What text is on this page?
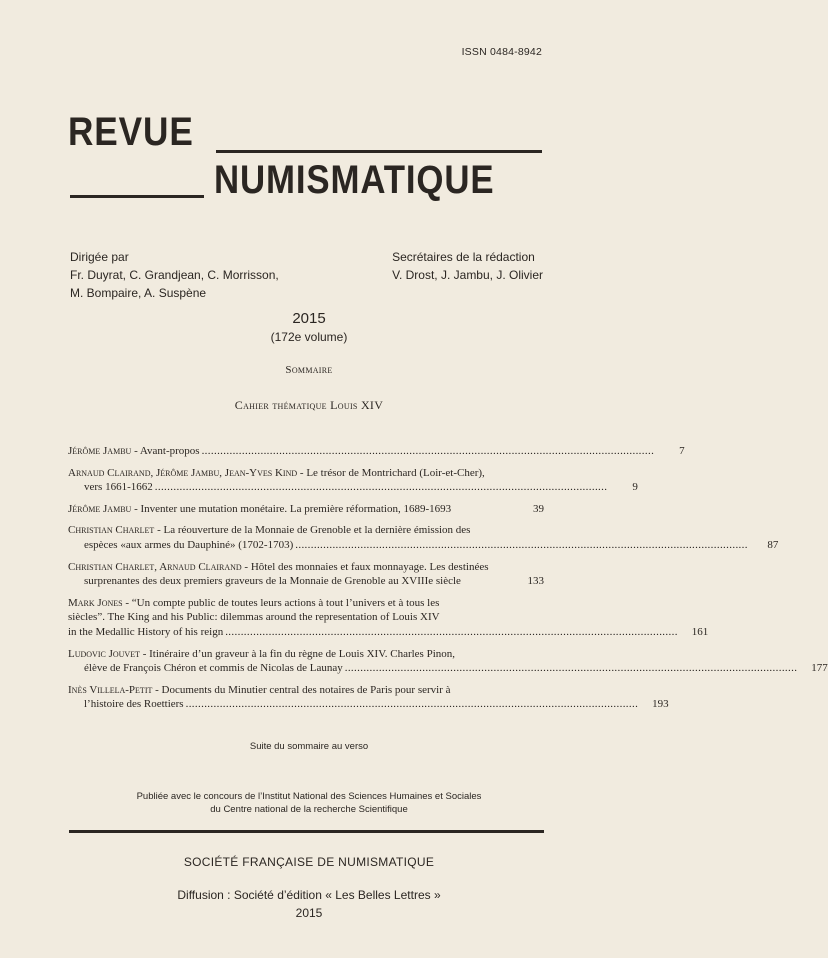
ISSN 0484-8942
REVUE
NUMISMATIQUE
Dirigée par
Fr. Duyrat, C. Grandjean, C. Morrisson,
M. Bompaire, A. Suspène
Secrétaires de la rédaction
V. Drost, J. Jambu, J. Olivier
2015
(172e volume)
Sommaire
Cahier thématique Louis XIV
Jérôme Jambu - Avant-propos . . .	7
Arnaud Clairand, Jérôme Jambu, Jean-Yves Kind - Le trésor de Montrichard (Loir-et-Cher),
vers 1661-1662 . . .	9
Jérôme Jambu - Inventer une mutation monétaire. La première réformation, 1689-1693	39
Christian Charlet - La réouverture de la Monnaie de Grenoble et la dernière émission des
espèces «aux armes du Dauphiné» (1702-1703) . . .	87
Christian Charlet, Arnaud Clairand - Hôtel des monnaies et faux monnayage. Les destinées
surprenantes des deux premiers graveurs de la Monnaie de Grenoble au XVIIIe siècle	133
Mark Jones - “Un compte public de toutes leurs actions à tout l’univers et à tous les
siècles”. The King and his Public: dilemmas around the representation of Louis XIV
in the Medallic History of his reign . . .	161
Ludovic Jouvet - Itinéraire d’un graveur à la fin du règne de Louis XIV. Charles Pinon,
élève de François Chéron et commis de Nicolas de Launay . . .	177
Inès Villela-Petit - Documents du Minutier central des notaires de Paris pour servir à
l’histoire des Roettiers . . .	193
Suite du sommaire au verso
Publiée avec le concours de l’Institut National des Sciences Humaines et Sociales
du Centre national de la recherche Scientifique
SOCIÉTÉ FRANÇAISE DE NUMISMATIQUE
Diffusion : Société d’édition « Les Belles Lettres »
2015
